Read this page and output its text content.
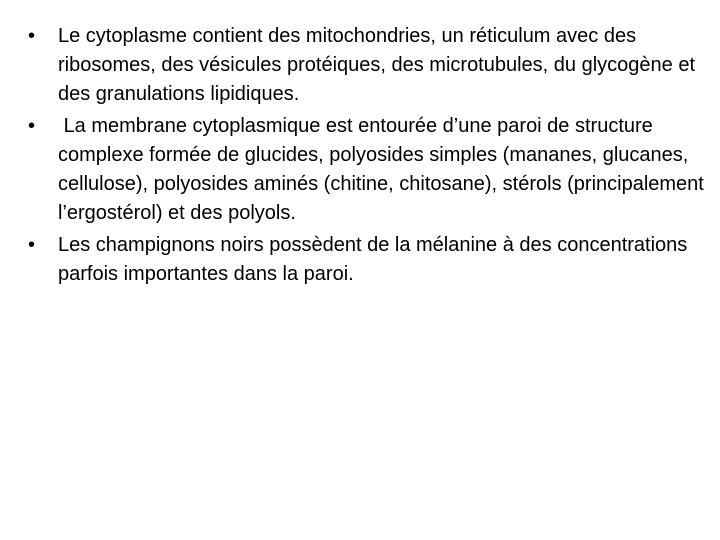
•	Le cytoplasme contient des mitochondries, un réticulum avec des ribosomes, des vésicules protéiques, des microtubules, du glycogène et des granulations lipidiques.
•	La membrane cytoplasmique est entourée d’une paroi de structure complexe formée de glucides, polyosides simples (mananes, glucanes, cellulose), polyosides aminés (chitine, chitosane), stérols (principalement l’ergostérol) et des polyols.
•	Les champignons noirs possèdent de la mélanine à des concentrations parfois importantes dans la paroi.
